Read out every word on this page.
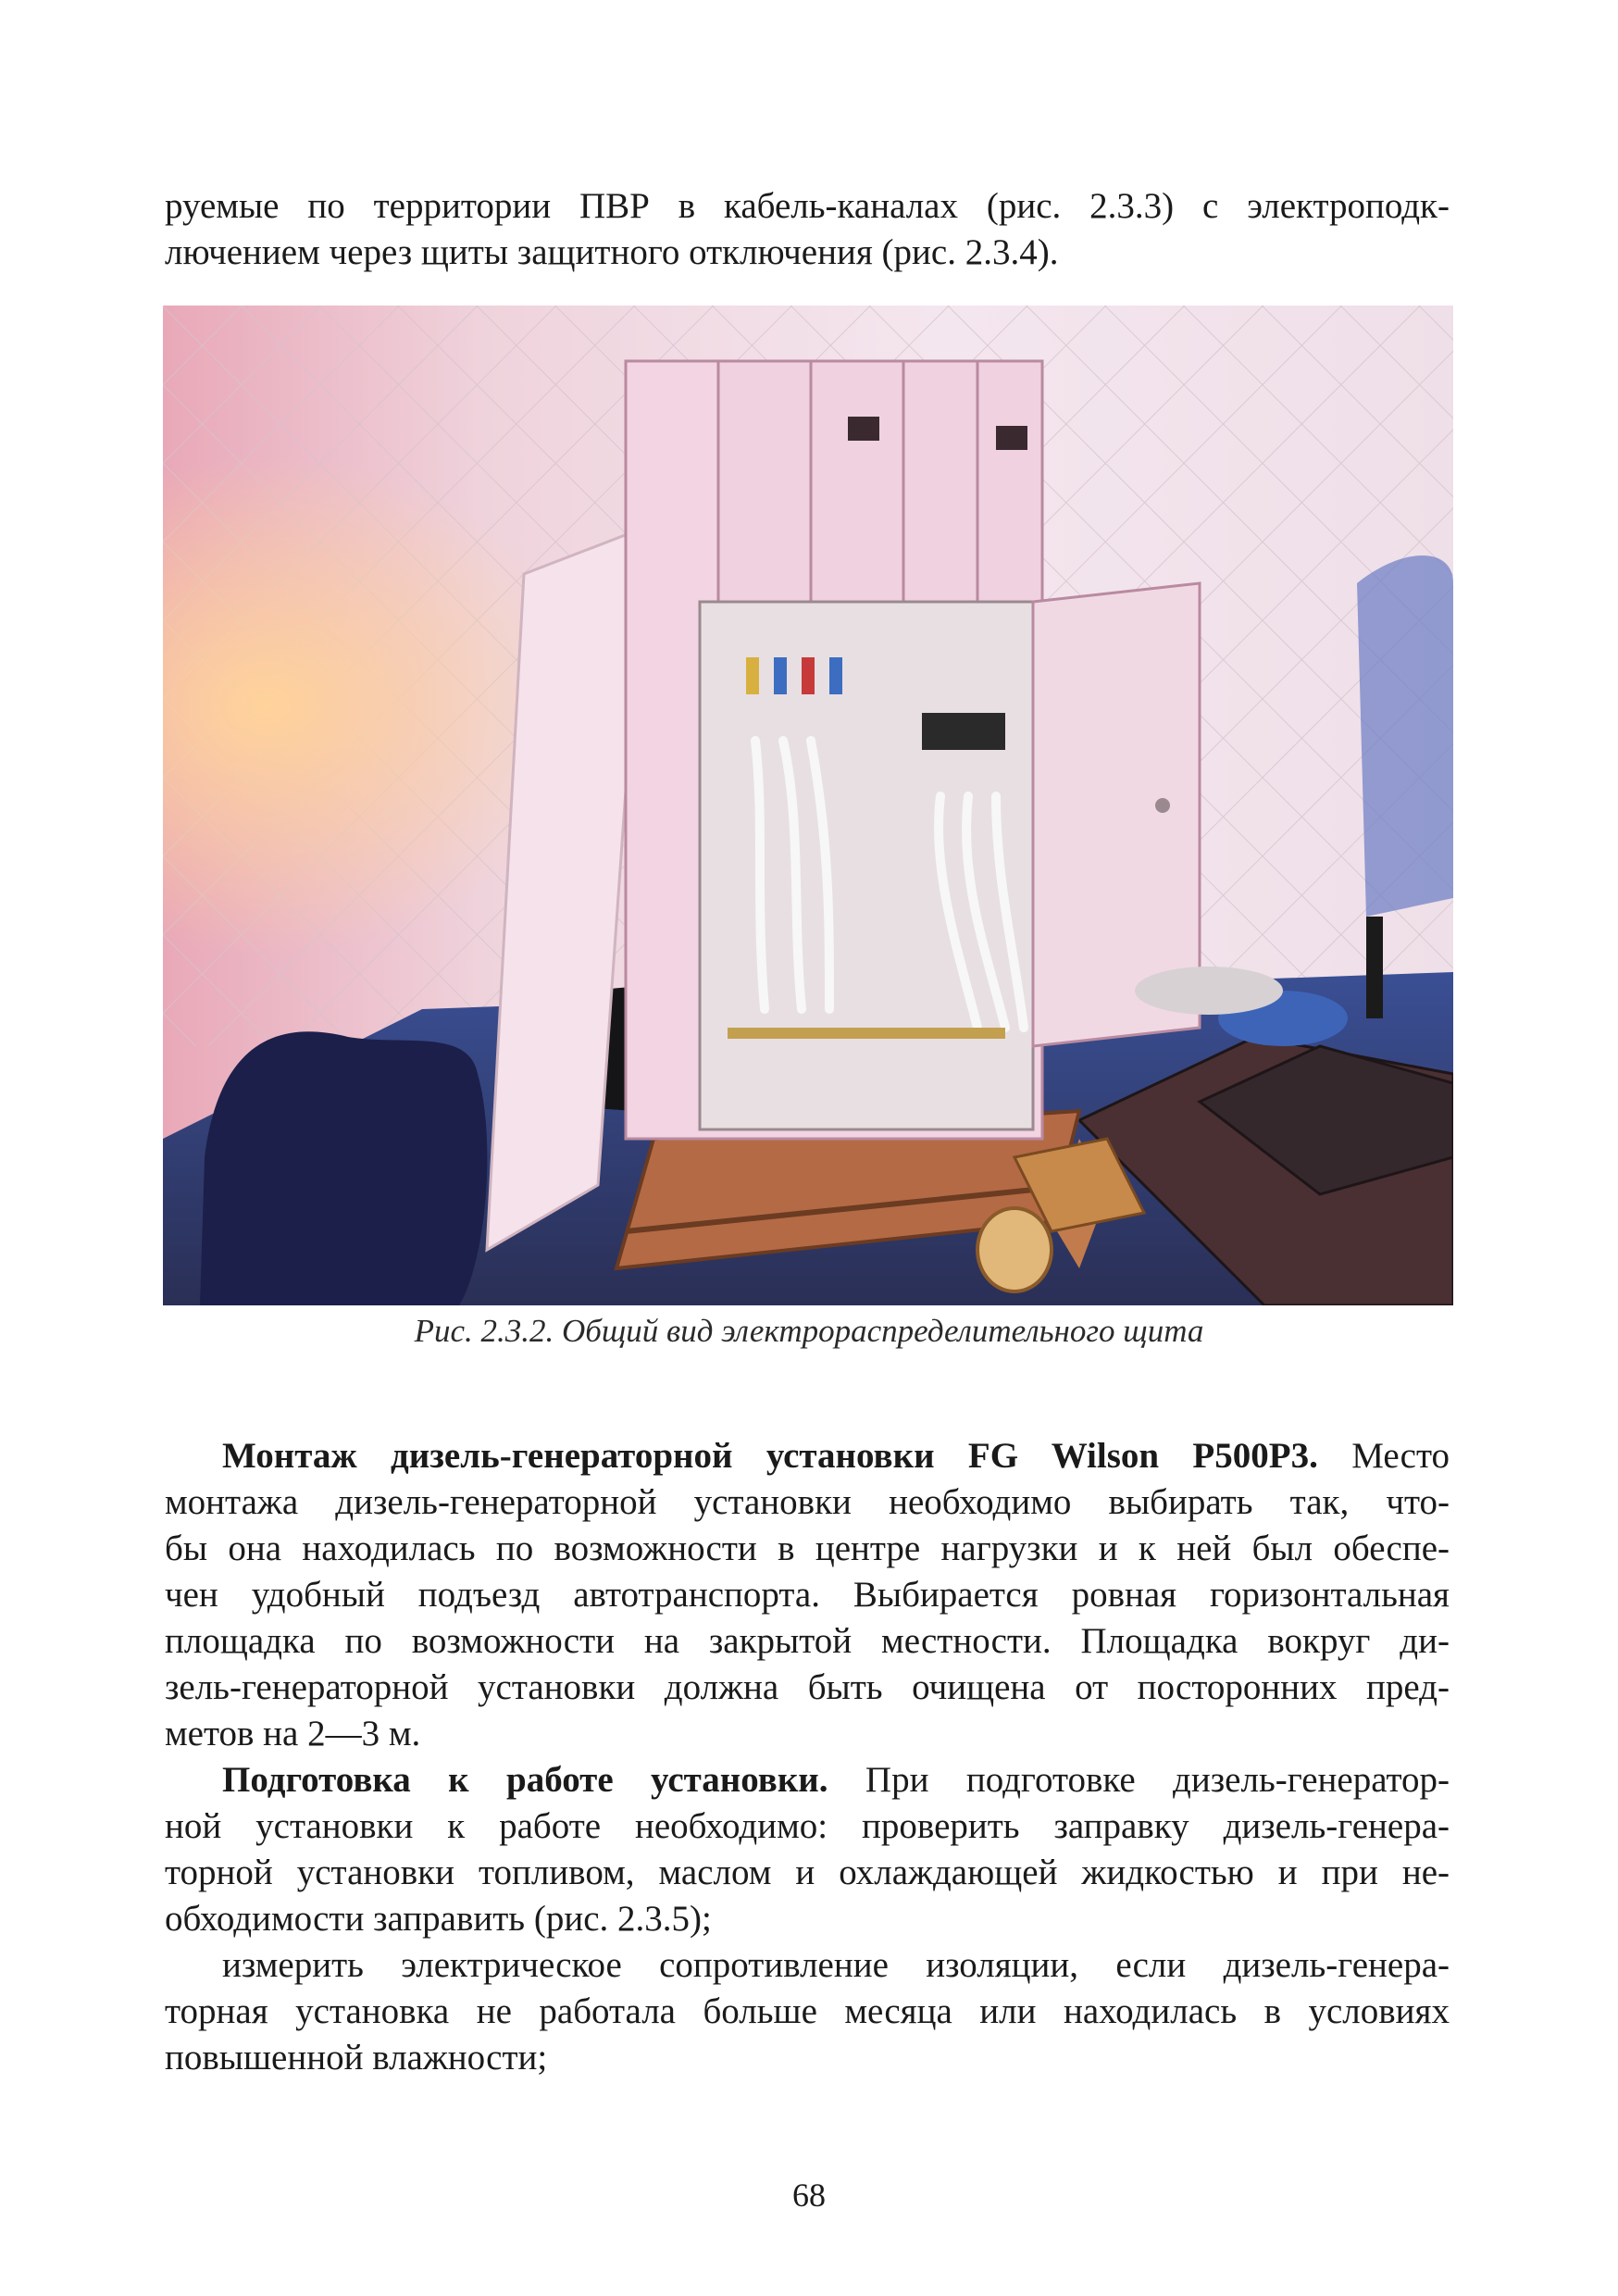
руемые по территории ПВР в кабель-каналах (рис. 2.3.3) с электроподк-
лючением через щиты защитного отключения (рис. 2.3.4).
Рис. 2.3.2. Общий вид электрораспределительного щита
Монтаж дизель-генераторной установки FG Wilson P500P3. Место
монтажа дизель-генераторной установки необходимо выбирать так, что-
бы она находилась по возможности в центре нагрузки и к ней был обеспе-
чен удобный подъезд автотранспорта. Выбирается ровная горизонтальная
площадка по возможности на закрытой местности. Площадка вокруг ди-
зель-генераторной установки должна быть очищена от посторонних пред-
метов на 2—3 м.
Подготовка к работе установки. При подготовке дизель-генератор-
ной установки к работе необходимо: проверить заправку дизель-генера-
торной установки топливом, маслом и охлаждающей жидкостью и при не-
обходимости заправить (рис. 2.3.5);
измерить электрическое сопротивление изоляции, если дизель-генера-
торная установка не работала больше месяца или находилась в условиях
повышенной влажности;
68
